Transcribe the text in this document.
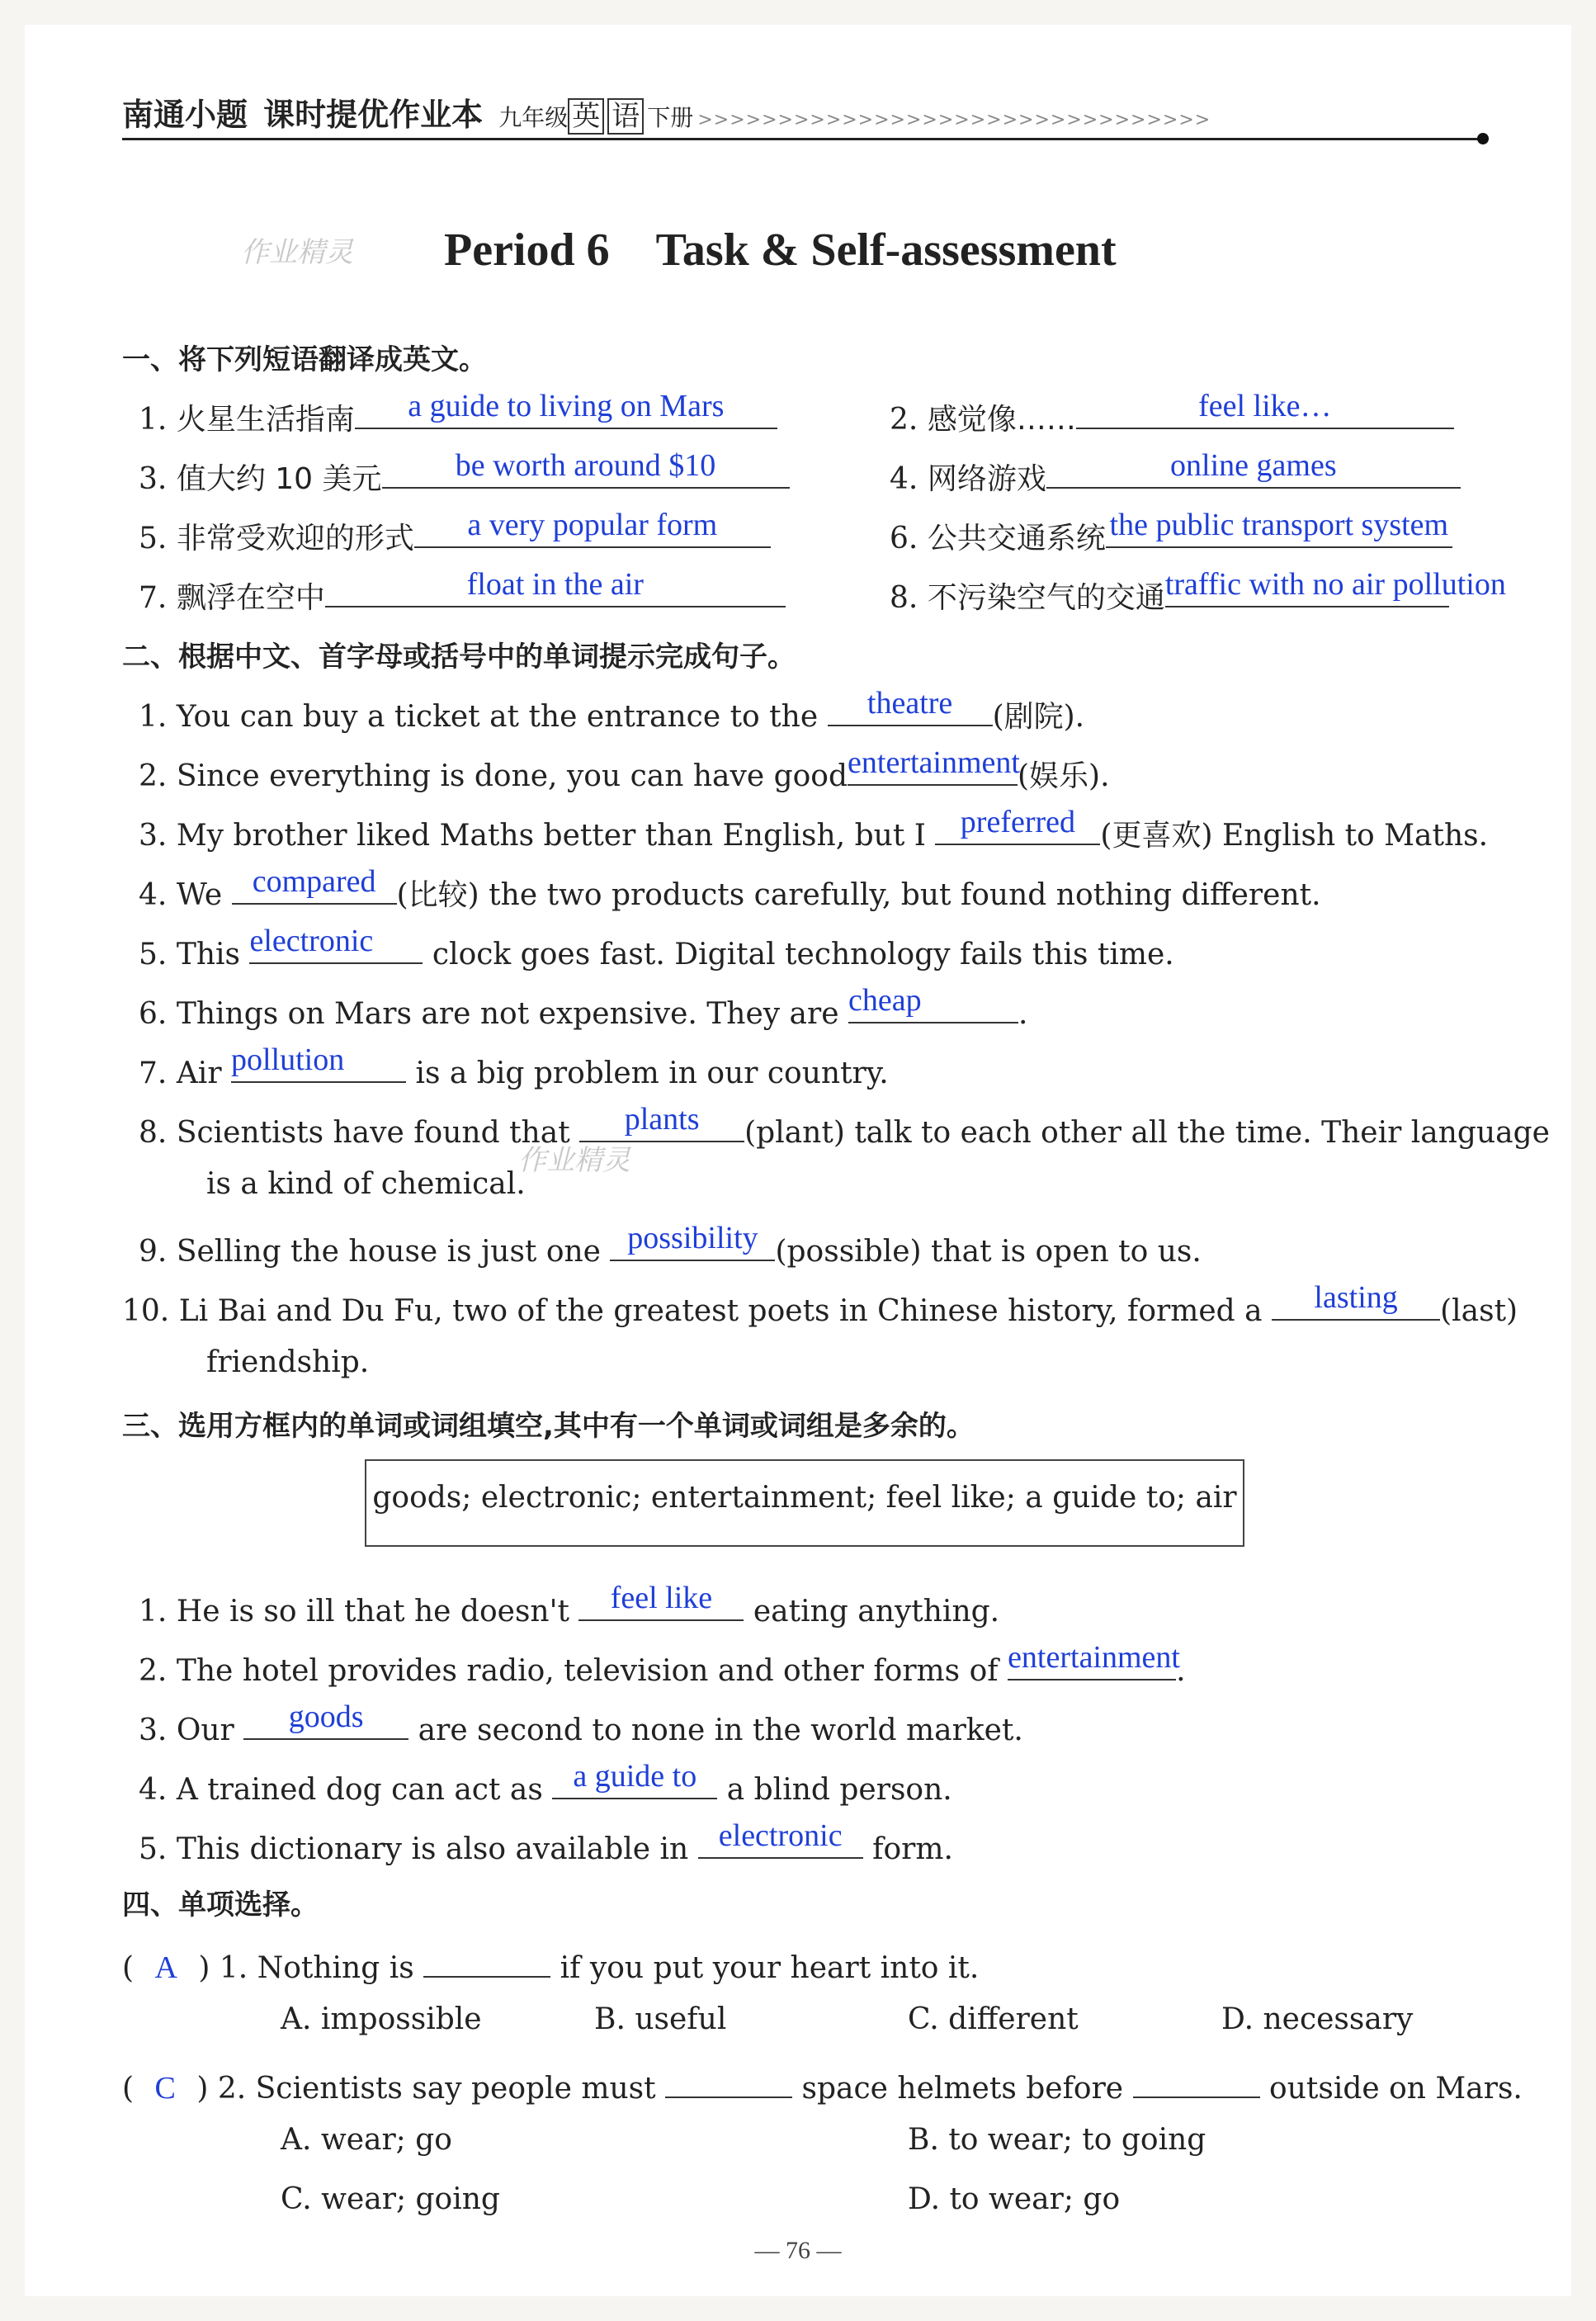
南通小题 课时提优作业本 九年级 英 语 下册 >>>>>>>>>>>>>>>>>>>>>>>>>>>>>>>>
作业精灵 Period 6　Task & Self-assessment
一、将下列短语翻译成英文。
1. 火星生活指南	a guide to living on Mars	2. 感觉像……	feel like…
3. 值大约 10 美元	be worth around $10	4. 网络游戏	online games
5. 非常受欢迎的形式	a very popular form	6. 公共交通系统 the public transport system
7. 飘浮在空中	float in the air	8. 不污染空气的交通 traffic with no air pollution
二、根据中文、首字母或括号中的单词提示完成句子。
1. You can buy a ticket at the entrance to the	theatre	(剧院).
2. Since everything is done, you can have good entertainment
(娱乐).
3. My brother liked Maths better than English, but I	preferred (更喜欢) English to Maths.
4. We compared (比较) the two products carefully, but found nothing different.
5. This electronic	clock goes fast. Digital technology fails this time.
6. Things on Mars are not expensive. They are cheap	.
7. Air pollution	is a big problem in our country.
8. Scientists have found that	plants	(plant) talk to each other all the time. Their language
作业精灵
is a kind of chemical.
9. Selling the house is just one possibility (possible) that is open to us.
10. Li Bai and Du Fu, two of the greatest poets in Chinese history, formed a	lasting	(last)
friendship.
三、选用方框内的单词或词组填空,其中有一个单词或词组是多余的。
goods; electronic; entertainment; feel like; a guide to; air
1. He is so ill that he doesn't	feel like	eating anything.
2. The hotel provides radio, television and other forms of entertainment
.
3. Our	goods	are second to none in the world market.
4. A trained dog can act as a guide to	a blind person.
5. This dictionary is also available in electronic	form.
四、单项选择。
( A ) 1. Nothing is	if you put your heart into it.
A. impossible	B. useful	C. different	D. necessary
( C ) 2. Scientists say people must	space helmets before	outside on Mars.
A. wear; go	B. to wear; to going
C. wear; going	D. to wear; go
— 76 —
